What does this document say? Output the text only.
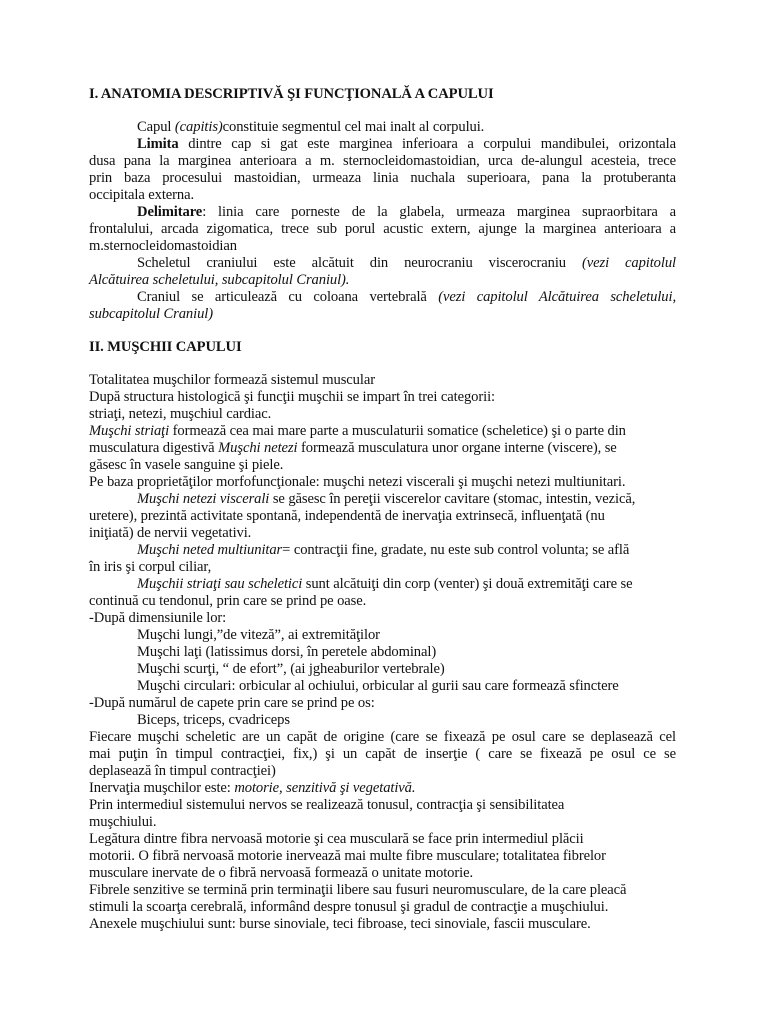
I. ANATOMIA DESCRIPTIVĂ ŞI FUNCŢIONALĂ A CAPULUI
Capul (capitis)constituie segmentul cel mai inalt al corpului.
Limita dintre cap si gat este marginea inferioara a corpului mandibulei, orizontala
dusa pana la marginea anterioara a m. sternocleidomastoidian, urca de-alungul acesteia, trece
prin baza procesului mastoidian, urmeaza linia nuchala superioara, pana la protuberanta
occipitala externa.
Delimitare: linia care porneste de la glabela, urmeaza marginea supraorbitara a
frontalului, arcada zigomatica, trece sub porul acustic extern, ajunge la marginea anterioara a
m.sternocleidomastoidian
Scheletul craniului este alcătuit din neurocraniu viscerocraniu (vezi capitolul
Alcătuirea scheletului, subcapitolul Craniul).
Craniul se articulează cu coloana vertebrală (vezi capitolul Alcătuirea scheletului,
subcapitolul Craniul)
II. MUŞCHII CAPULUI
Totalitatea muşchilor formează sistemul muscular
După structura histologică şi funcţii muşchii se impart în trei categorii:
striaţi, netezi, muşchiul cardiac.
Muşchi striaţi formează cea mai mare parte a musculaturii somatice (scheletice) şi o parte din
musculatura digestivă Muşchi netezi formează musculatura unor organe interne (viscere), se
găsesc în vasele sanguine şi piele.
Pe baza proprietăţilor morfofuncţionale: muşchi netezi viscerali şi muşchi netezi multiunitari.
Muşchi netezi viscerali se găsesc în pereţii viscerelor cavitare (stomac, intestin, vezică,
uretere), prezintă activitate spontană, independentă de inervaţia extrinsecă, influenţată (nu
iniţiată) de nervii vegetativi.
Muşchi neted multiunitar= contracţii fine, gradate, nu este sub control volunta; se află
în iris şi corpul ciliar,
Muşchii striaţi sau scheletici sunt alcătuiţi din corp (venter) şi două extremităţi care se
continuă cu tendonul, prin care se prind pe oase.
-După dimensiunile lor:
Muşchi lungi,”de viteză”, ai extremităţilor
Muşchi laţi (latissimus dorsi, în peretele abdominal)
Muşchi scurţi, “ de efort”, (ai jgheaburilor vertebrale)
Muşchi circulari: orbicular al ochiului, orbicular al gurii sau care formează sfinctere
-După numărul de capete prin care se prind pe os:
Biceps, triceps, cvadriceps
Fiecare muşchi scheletic are un capăt de origine (care se fixează pe osul care se deplasează cel
mai puţin în timpul contracţiei, fix,) şi un capăt de inserţie ( care se fixează pe osul ce se
deplasează în timpul contracţiei)
Inervaţia muşchilor este: motorie, senzitivă şi vegetativă.
Prin intermediul sistemului nervos se realizează tonusul, contracţia şi sensibilitatea
muşchiului.
Legătura dintre fibra nervoasă motorie şi cea musculară se face prin intermediul plăcii
motorii. O fibră nervoasă motorie inervează mai multe fibre musculare; totalitatea fibrelor
musculare inervate de o fibră nervoasă formează o unitate motorie.
Fibrele senzitive se termină prin terminaţii libere sau fusuri neuromusculare, de la care pleacă
stimuli la scoarţa cerebrală, informând despre tonusul şi gradul de contracţie a muşchiului.
Anexele muşchiului sunt: burse sinoviale, teci fibroase, teci sinoviale, fascii musculare.
